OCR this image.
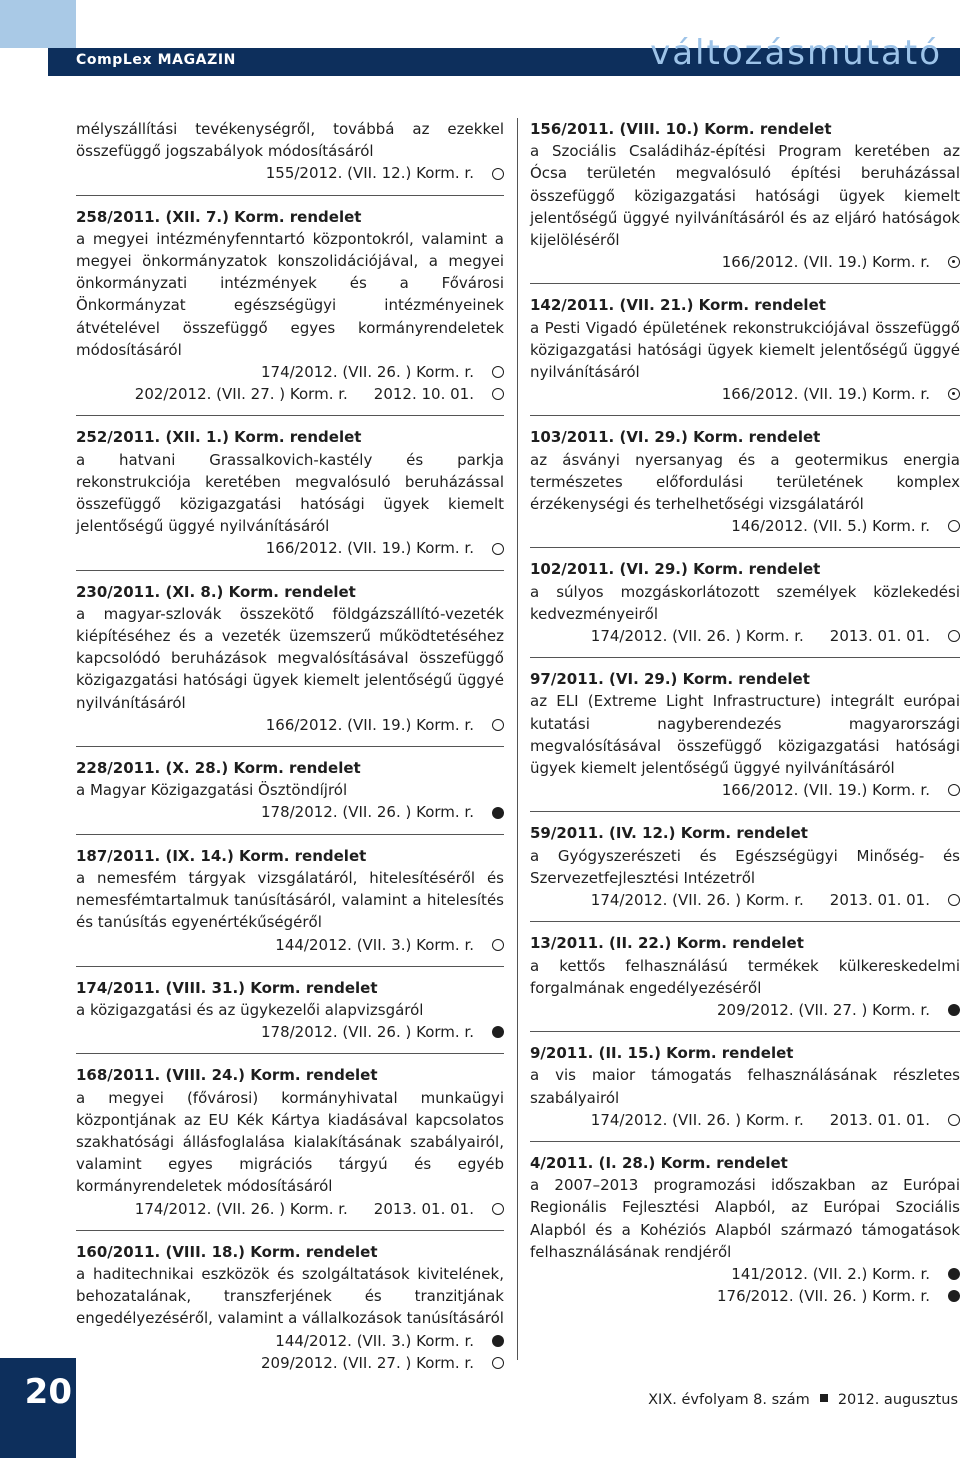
CompLex MAGAZIN	változásmutató
mélyszállítási tevékenységről, továbbá az ezekkel összefüggő jogszabályok módosításáról
155/2012. (VII. 12.) Korm. r.
258/2011. (XII. 7.) Korm. rendelet
a megyei intézményfenntartó központokról, valamint a megyei önkormányzatok konszolidációjával, a megyei önkormányzati intézmények és a Fővárosi Önkormányzat egészségügyi intézményeinek átvételével összefüggő egyes kormányrendeletek módosításáról
174/2012. (VII. 26. ) Korm. r.
202/2012. (VII. 27. ) Korm. r. 2012. 10. 01.
252/2011. (XII. 1.) Korm. rendelet
a hatvani Grassalkovich-kastély és parkja rekonstrukciója keretében megvalósuló beruházással összefüggő közigazgatási hatósági ügyek kiemelt jelentőségű üggyé nyilvánításáról
166/2012. (VII. 19.) Korm. r.
230/2011. (XI. 8.) Korm. rendelet
a magyar-szlovák összekötő földgázszállító-vezeték kiépítéséhez és a vezeték üzemszerű működtetéséhez kapcsolódó beruházások megvalósításával összefüggő közigazgatási hatósági ügyek kiemelt jelentőségű üggyé nyilvánításáról
166/2012. (VII. 19.) Korm. r.
228/2011. (X. 28.) Korm. rendelet
a Magyar Közigazgatási Ösztöndíjról
178/2012. (VII. 26. ) Korm. r.
187/2011. (IX. 14.) Korm. rendelet
a nemesfém tárgyak vizsgálatáról, hitelesítéséről és nemesfémtartalmuk tanúsításáról, valamint a hitelesítés és tanúsítás egyenértékűségéről
144/2012. (VII. 3.) Korm. r.
174/2011. (VIII. 31.) Korm. rendelet
a közigazgatási és az ügykezelői alapvizsgáról
178/2012. (VII. 26. ) Korm. r.
168/2011. (VIII. 24.) Korm. rendelet
a megyei (fővárosi) kormányhivatal munkaügyi központjának az EU Kék Kártya kiadásával kapcsolatos szakhatósági állásfoglalása kialakításának szabályairól, valamint egyes migrációs tárgyú és egyéb kormányrendeletek módosításáról
174/2012. (VII. 26. ) Korm. r. 2013. 01. 01.
160/2011. (VIII. 18.) Korm. rendelet
a haditechnikai eszközök és szolgáltatások kivitelének, behozatalának, transzferjének és tranzitjának engedélyezéséről, valamint a vállalkozások tanúsításáról
144/2012. (VII. 3.) Korm. r.
209/2012. (VII. 27. ) Korm. r.
156/2011. (VIII. 10.) Korm. rendelet
a Szociális Családiház-építési Program keretében az Ócsa területén megvalósuló építési beruházással összefüggő közigazgatási hatósági ügyek kiemelt jelentőségű üggyé nyilvánításáról és az eljáró hatóságok kijelöléséről
166/2012. (VII. 19.) Korm. r.
142/2011. (VII. 21.) Korm. rendelet
a Pesti Vigadó épületének rekonstrukciójával összefüggő közigazgatási hatósági ügyek kiemelt jelentőségű üggyé nyilvánításáról
166/2012. (VII. 19.) Korm. r.
103/2011. (VI. 29.) Korm. rendelet
az ásványi nyersanyag és a geotermikus energia természetes előfordulási területének komplex érzékenységi és terhelhetőségi vizsgálatáról
146/2012. (VII. 5.) Korm. r.
102/2011. (VI. 29.) Korm. rendelet
a súlyos mozgáskorlátozott személyek közlekedési kedvezményeiről
174/2012. (VII. 26. ) Korm. r. 2013. 01. 01.
97/2011. (VI. 29.) Korm. rendelet
az ELI (Extreme Light Infrastructure) integrált európai kutatási nagyberendezés magyarországi megvalósításával összefüggő közigazgatási hatósági ügyek kiemelt jelentőségű üggyé nyilvánításáról
166/2012. (VII. 19.) Korm. r.
59/2011. (IV. 12.) Korm. rendelet
a Gyógyszerészeti és Egészségügyi Minőség- és Szervezetfejlesztési Intézetről
174/2012. (VII. 26. ) Korm. r. 2013. 01. 01.
13/2011. (II. 22.) Korm. rendelet
a kettős felhasználású termékek külkereskedelmi forgalmának engedélyezéséről
209/2012. (VII. 27. ) Korm. r.
9/2011. (II. 15.) Korm. rendelet
a vis maior támogatás felhasználásának részletes szabályairól
174/2012. (VII. 26. ) Korm. r. 2013. 01. 01.
4/2011. (I. 28.) Korm. rendelet
a 2007–2013 programozási időszakban az Európai Regionális Fejlesztési Alapból, az Európai Szociális Alapból és a Kohéziós Alapból származó támogatások felhasználásának rendjéről
141/2012. (VII. 2.) Korm. r.
176/2012. (VII. 26. ) Korm. r.
20	XIX. évfolyam 8. szám 2012. augusztus
